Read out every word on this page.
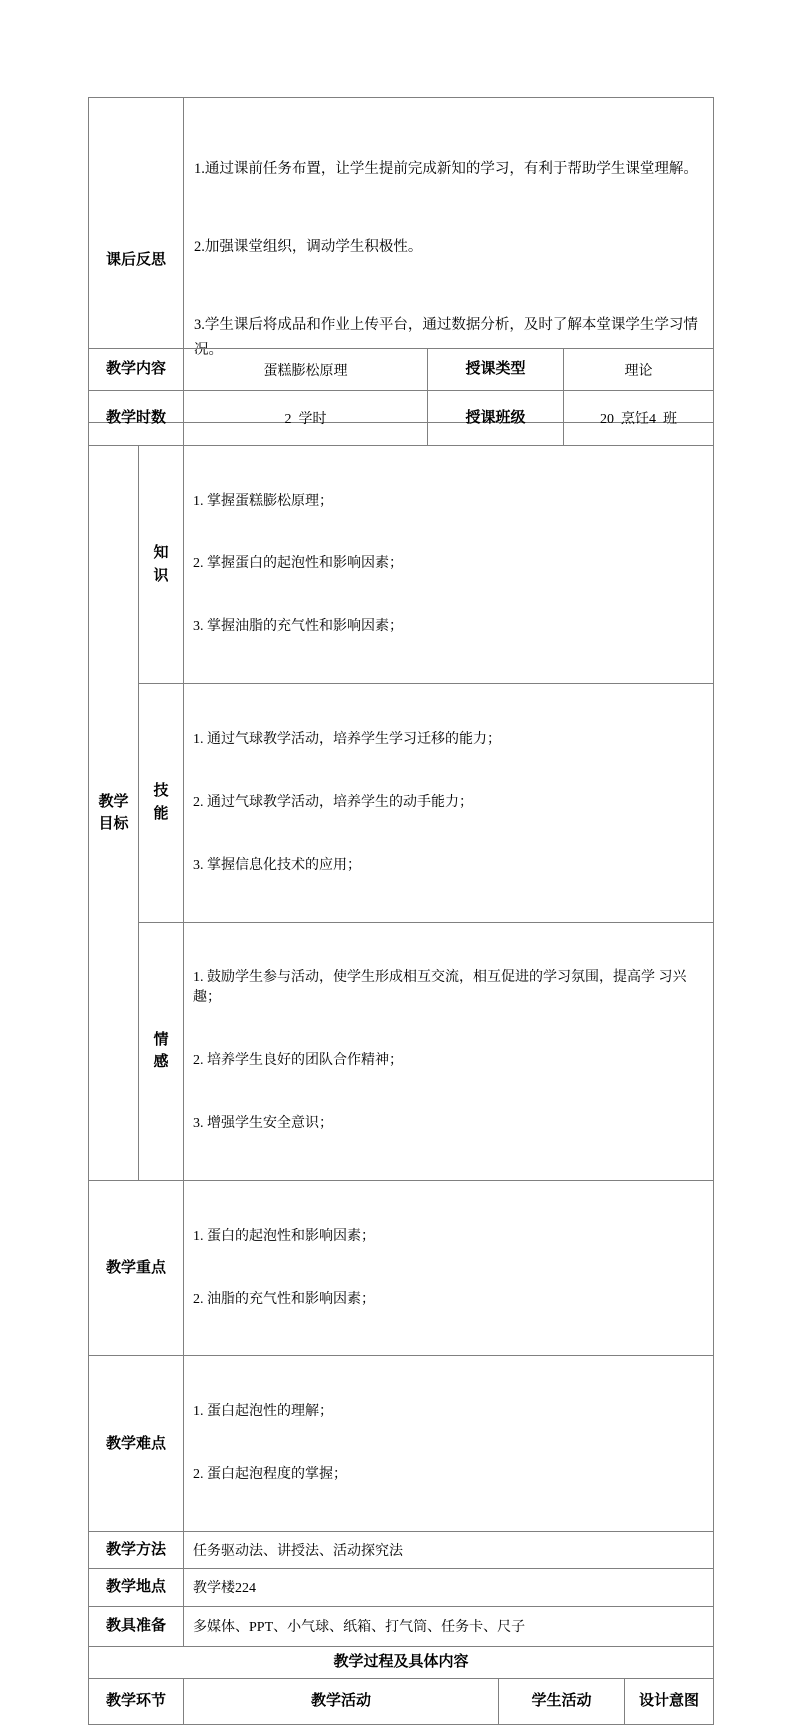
课后反思	

1.通过课前任务布置，让学生提前完成新知的学习，有利于帮助学生课堂理解。

2.加强课堂组织，调动学生积极性。

3.学生课后将成品和作业上传平台，通过数据分析，及时了解本堂课学生学习情况。

教学内容		蛋糕膨松原理	授课类型		理论	
教学时数		2  学时	授课班级		20  烹饪4  班	
教学目标	知识	1. 掌握蛋糕膨松原理；

2. 掌握蛋白的起泡性和影响因素；

3. 掌握油脂的充气性和影响因素；				

	技能	1. 通过气球教学活动，培养学生学习迁移的能力；

2. 通过气球教学活动，培养学生的动手能力；

3. 掌握信息化技术的应用；				

	情感	1. 鼓励学生参与活动，使学生形成相互交流，相互促进的学习氛围，提高学 习兴趣；

2. 培养学生良好的团队合作精神；

3. 增强学生安全意识；				

教学重点		1. 蛋白的起泡性和影响因素；

2. 油脂的充气性和影响因素；				

教学难点		1. 蛋白起泡性的理解；

2. 蛋白起泡程度的掌握；				

教学方法		任务驱动法、讲授法、活动探究法				
教学地点		教学楼224				
教具准备		多媒体、PPT、小气球、纸箱、打气筒、任务卡、尺子				
教学过程及具体内容						
教学环节		教学活动		学生活动		设计意图
